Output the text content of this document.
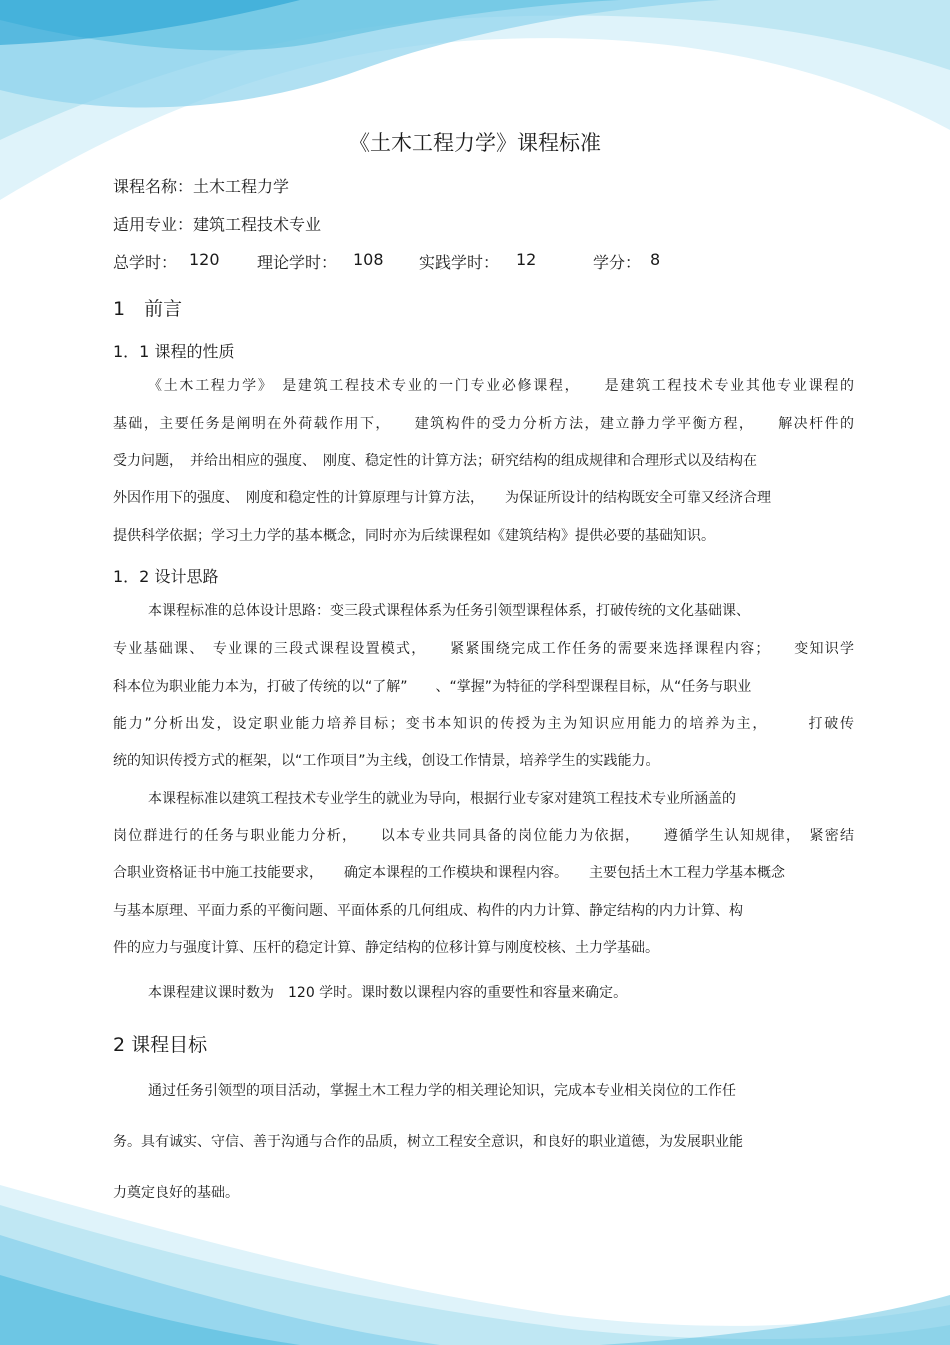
《土木工程力学》课程标准
课程名称：土木工程力学
适用专业：建筑工程技术专业
总学时： 120 理论学时： 108 实践学时： 12	学分： 8
1　前言
1．1 课程的性质
《土木工程力学》　是建筑工程技术专业的一门专业必修课程，　　是建筑工程技术专业其他专业课程的
基础，主要任务是阐明在外荷载作用下，　　建筑构件的受力分析方法，建立静力学平衡方程，　　解决杆件的
受力问题，　并给出相应的强度、　刚度、稳定性的计算方法；研究结构的组成规律和合理形式以及结构在
外因作用下的强度、　刚度和稳定性的计算原理与计算方法，　　为保证所设计的结构既安全可靠又经济合理
提供科学依据；学习土力学的基本概念，同时亦为后续课程如《建筑结构》提供必要的基础知识。
1．2 设计思路
本课程标准的总体设计思路：变三段式课程体系为任务引领型课程体系，打破传统的文化基础课、
专业基础课、　专业课的三段式课程设置模式，　　紧紧围绕完成工作任务的需要来选择课程内容；　　变知识学
科本位为职业能力本为，打破了传统的以“了解”　　、“掌握”为特征的学科型课程目标，从“任务与职业
能力”分析出发，设定职业能力培养目标；变书本知识的传授为主为知识应用能力的培养为主，　　　打破传
统的知识传授方式的框架，以“工作项目”为主线，创设工作情景，培养学生的实践能力。
本课程标准以建筑工程技术专业学生的就业为导向，根据行业专家对建筑工程技术专业所涵盖的
岗位群进行的任务与职业能力分析，　　以本专业共同具备的岗位能力为依据，　　遵循学生认知规律，　紧密结
合职业资格证书中施工技能要求，　　确定本课程的工作模块和课程内容。　　主要包括土木工程力学基本概念
与基本原理、平面力系的平衡问题、平面体系的几何组成、构件的内力计算、静定结构的内力计算、构
件的应力与强度计算、压杆的稳定计算、静定结构的位移计算与刚度校核、土力学基础。
本课程建议课时数为　120 学时。课时数以课程内容的重要性和容量来确定。
2 课程目标
通过任务引领型的项目活动，掌握土木工程力学的相关理论知识，完成本专业相关岗位的工作任
务。具有诚实、守信、善于沟通与合作的品质，树立工程安全意识，和良好的职业道德，为发展职业能
力奠定良好的基础。
